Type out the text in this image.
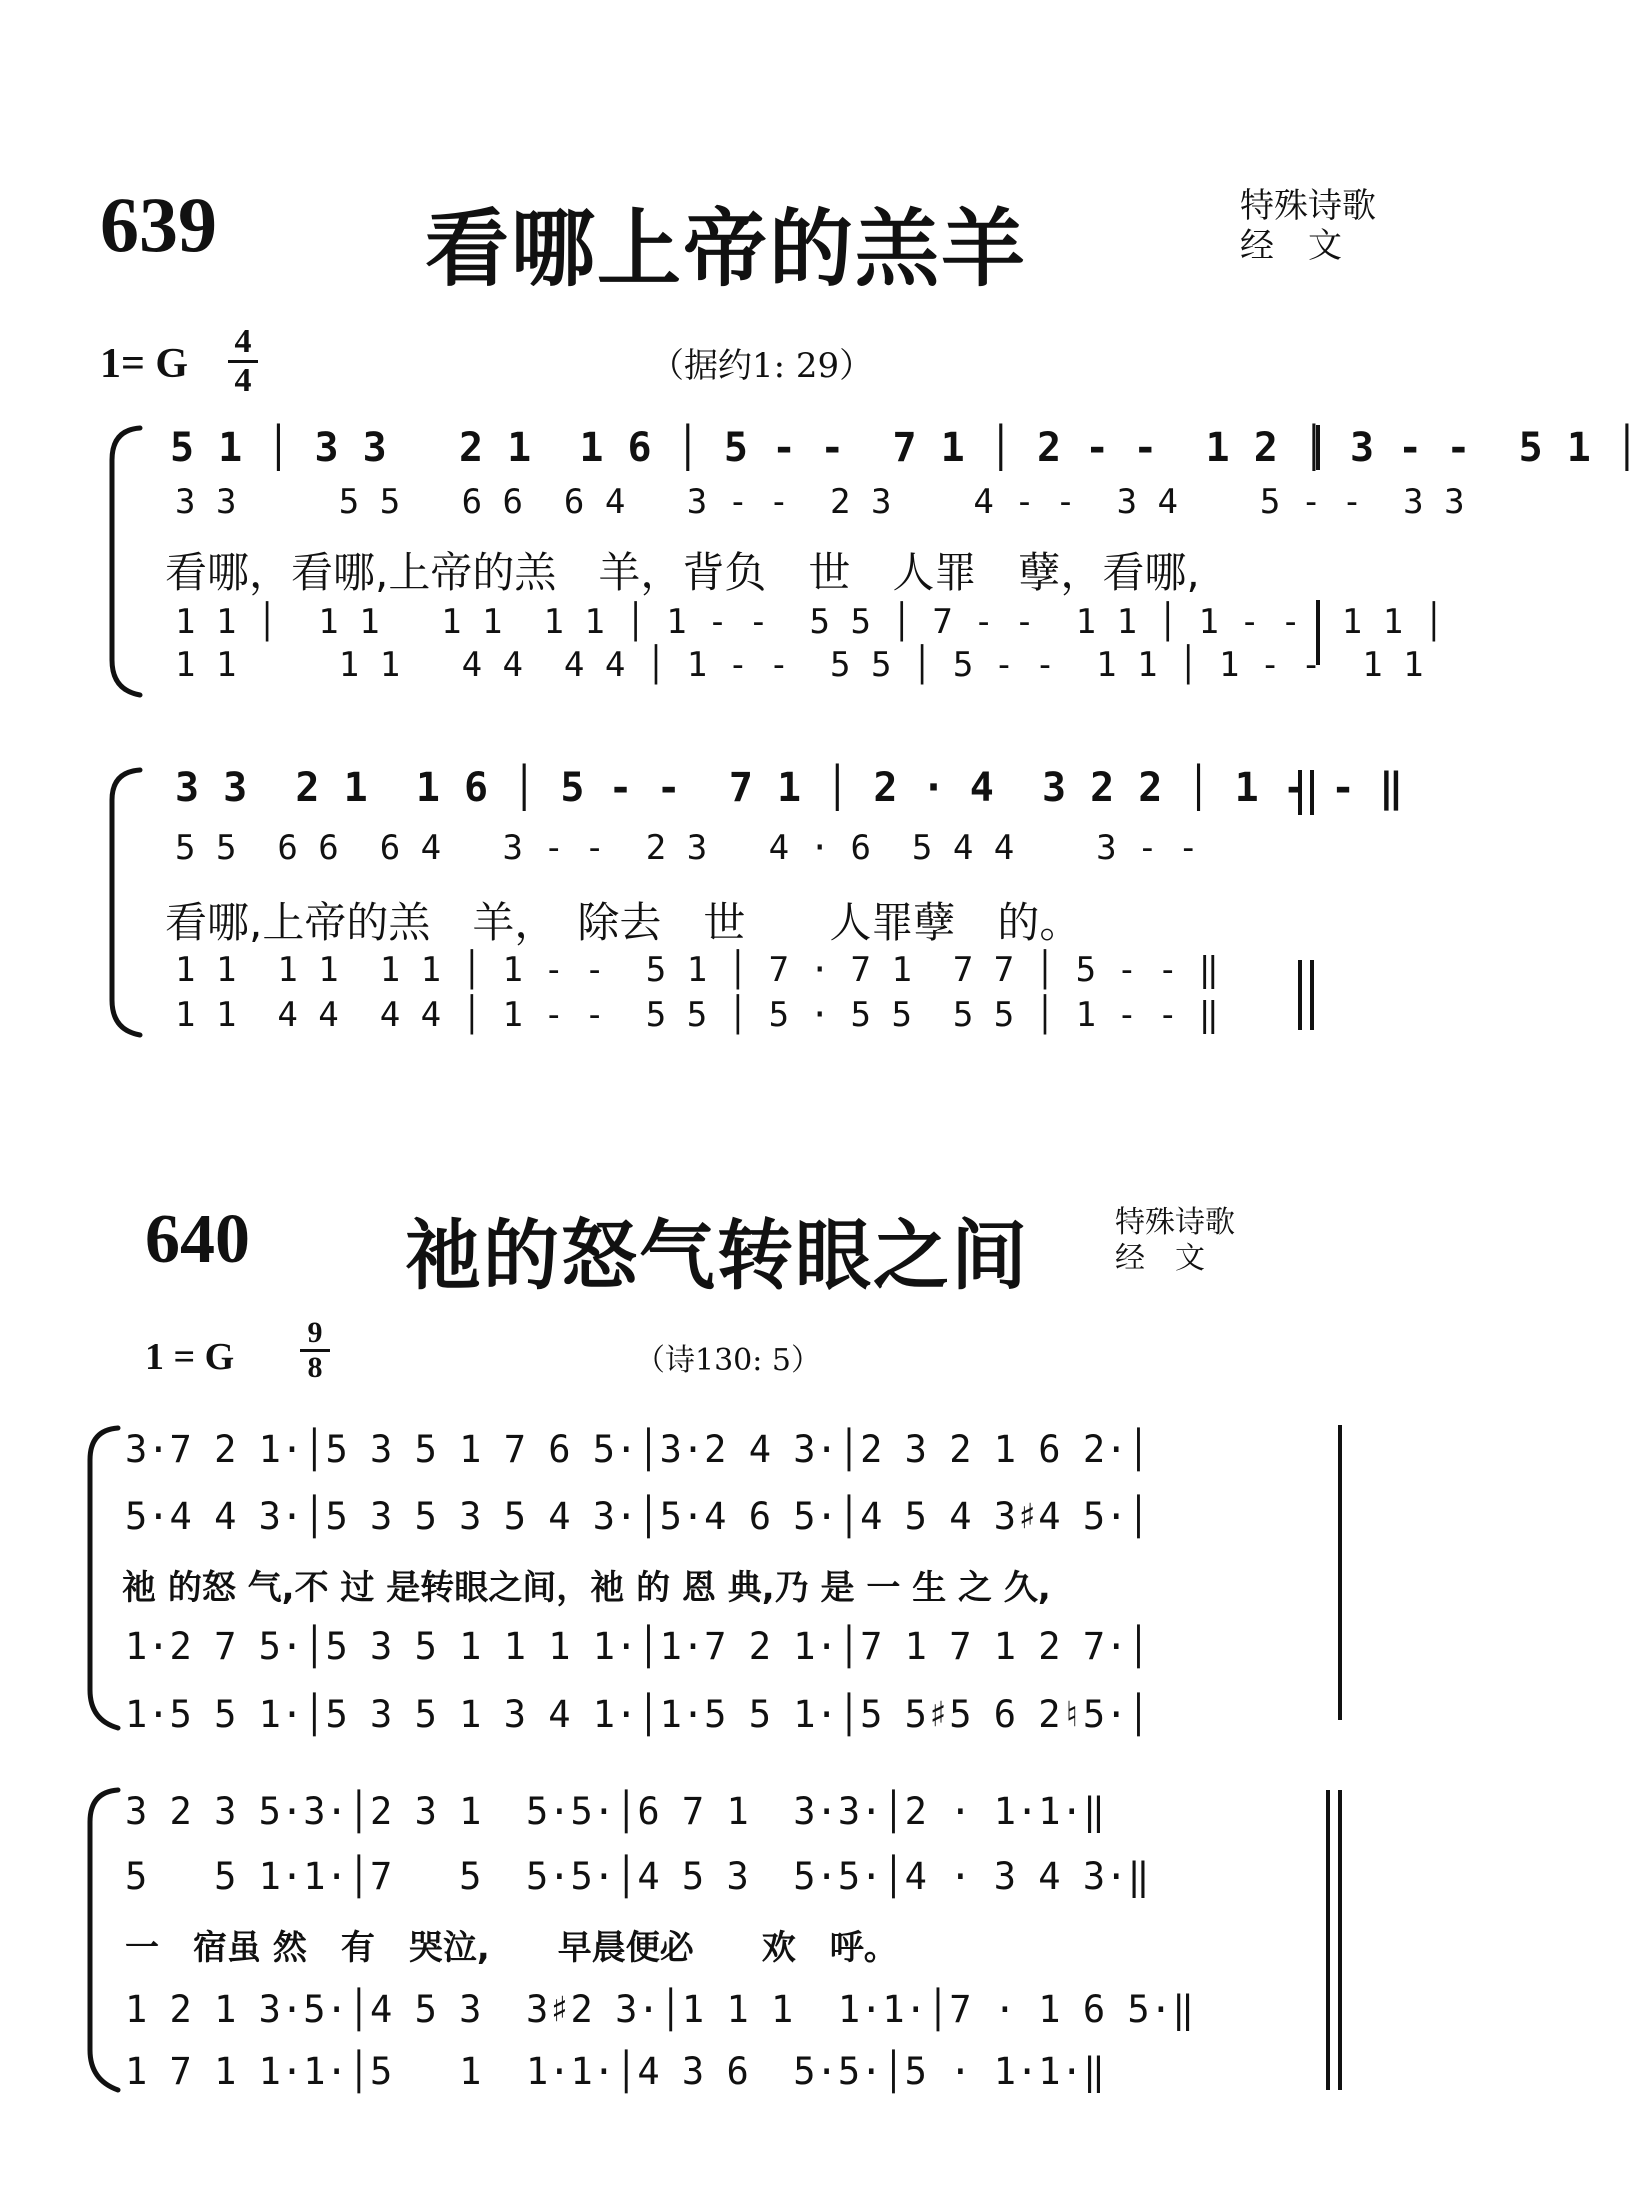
639 看哪上帝的羔羊	特殊诗歌
经　文
1= G 4
4	（据约1: 29）
5 1 │ 3 3   2 1  1 6 │ 5 - -  7 1 │ 2 - -  1 2 │ 3 - -  5 1 │
3 3     5 5   6 6  6 4   3 - -  2 3    4 - -  3 4    5 - -  3 3
看哪，看哪,上帝的羔　羊，背负　世　人罪　孽，看哪,
1 1 │  1 1   1 1  1 1 │ 1 - -  5 5 │ 7 - -  1 1 │ 1 - -  1 1 │
1 1     1 1   4 4  4 4 │ 1 - -  5 5 │ 5 - -  1 1 │ 1 - -  1 1
3 3  2 1  1 6 │ 5 - -  7 1 │ 2 · 4  3 2 2 │ 1 - - ‖
5 5  6 6  6 4   3 - -  2 3   4 · 6  5 4 4    3 - -
看哪,上帝的羔　羊，　除去　世　　人罪孽　的。
1 1  1 1  1 1 │ 1 - -  5 1 │ 7 · 7 1  7 7 │ 5 - - ‖
1 1  4 4  4 4 │ 1 - -  5 5 │ 5 · 5 5  5 5 │ 1 - - ‖
640 祂的怒气转眼之间	特殊诗歌
经　文
1 = G
9
8	（诗130: 5）
3·7 2 1·│5 3 5 1 7 6 5·│3·2 4 3·│2 3 2 1 6 2·│
5·4 4 3·│5 3 5 3 5 4 3·│5·4 6 5·│4 5 4 3♯4 5·│
祂 的怒 气,不 过 是转眼之间，祂 的 恩 典,乃 是 一 生 之 久,
1·2 7 5·│5 3 5 1 1 1 1·│1·7 2 1·│7 1 7 1 2 7·│
1·5 5 1·│5 3 5 1 3 4 1·│1·5 5 1·│5 5♯5 6 2♮5·│
3 2 3 5·3·│2 3 1  5·5·│6 7 1  3·3·│2 · 1·1·‖
5   5 1·1·│7   5  5·5·│4 5 3  5·5·│4 · 3 4 3·‖
一　宿虽 然　有　哭泣,　　早晨便必　　欢　呼。
1 2 1 3·5·│4 5 3  3♯2 3·│1 1 1  1·1·│7 · 1 6 5·‖
1 7 1 1·1·│5   1  1·1·│4 3 6  5·5·│5 · 1·1·‖
